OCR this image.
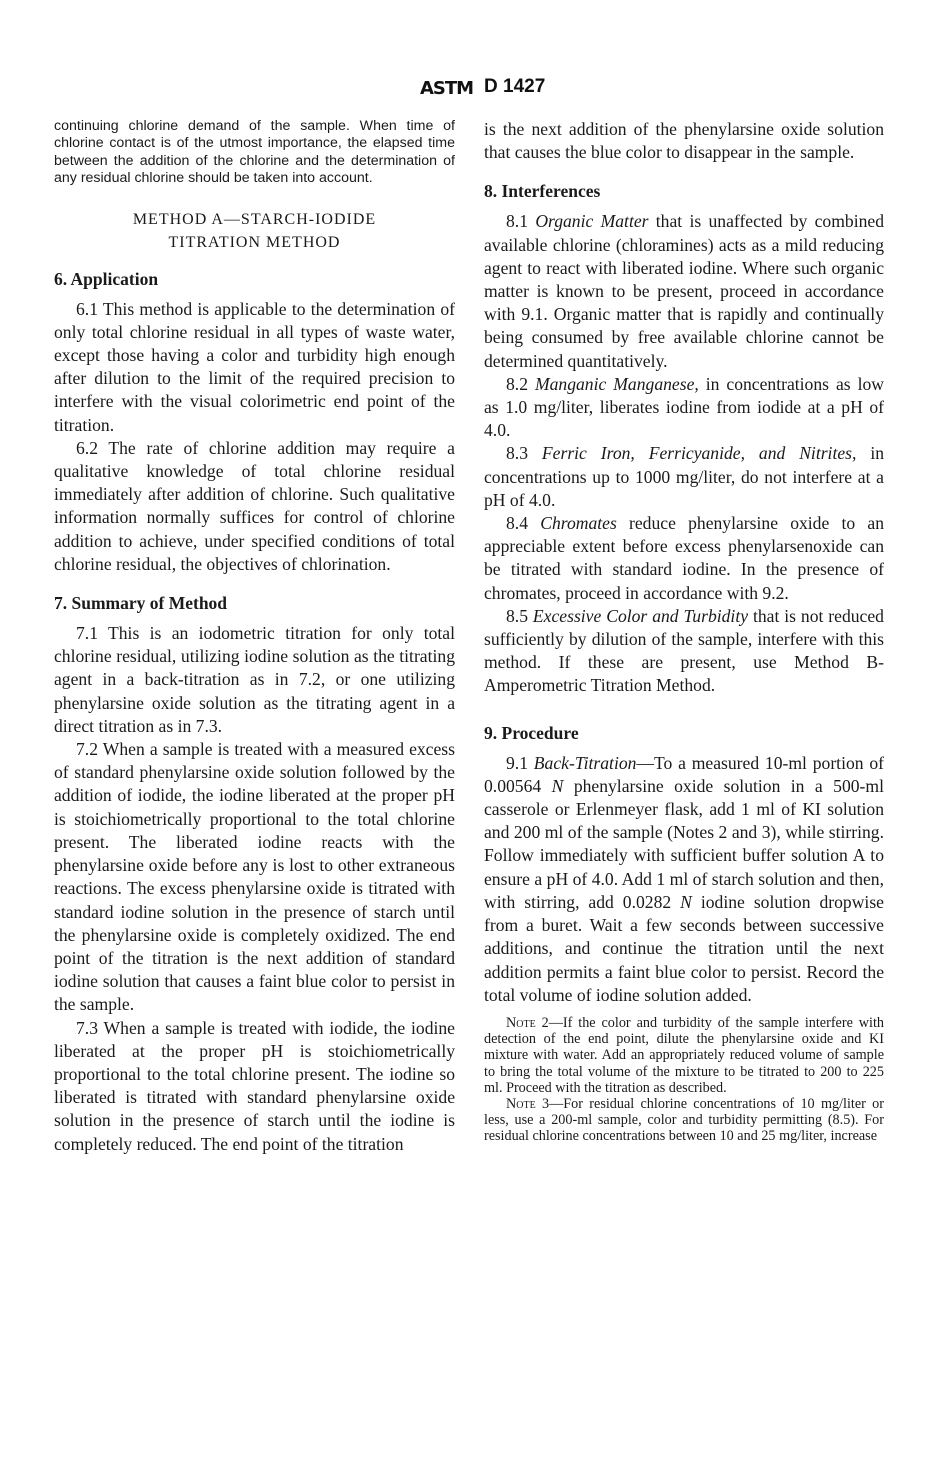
ASTM D 1427

continuing chlorine demand of the sample. When time of chlorine contact is of the utmost importance, the elapsed time between the addition of the chlorine and the determination of any residual chlorine should be taken into account.

METHOD A—STARCH-IODIDE
TITRATION METHOD
6. Application

6.1 This method is applicable to the determination of only total chlorine residual in all types of waste water, except those having a color and turbidity high enough after dilution to the limit of the required precision to interfere with the visual colorimetric end point of the titration.

6.2 The rate of chlorine addition may require a qualitative knowledge of total chlorine residual immediately after addition of chlorine. Such qualitative information normally suffices for control of chlorine addition to achieve, under specified conditions of total chlorine residual, the objectives of chlorination.

7. Summary of Method

7.1 This is an iodometric titration for only total chlorine residual, utilizing iodine solution as the titrating agent in a back-titration as in 7.2, or one utilizing phenylarsine oxide solution as the titrating agent in a direct titration as in 7.3.

7.2 When a sample is treated with a measured excess of standard phenylarsine oxide solution followed by the addition of iodide, the iodine liberated at the proper pH is stoichiometrically proportional to the total chlorine present. The liberated iodine reacts with the phenylarsine oxide before any is lost to other extraneous reactions. The excess phenylarsine oxide is titrated with standard iodine solution in the presence of starch until the phenylarsine oxide is completely oxidized. The end point of the titration is the next addition of standard iodine solution that causes a faint blue color to persist in the sample.

7.3 When a sample is treated with iodide, the iodine liberated at the proper pH is stoichiometrically proportional to the total chlorine present. The iodine so liberated is titrated with standard phenylarsine oxide solution in the presence of starch until the iodine is completely reduced. The end point of the titration

is the next addition of the phenylarsine oxide solution that causes the blue color to disappear in the sample.

8. Interferences

8.1 Organic Matter that is unaffected by combined available chlorine (chloramines) acts as a mild reducing agent to react with liberated iodine. Where such organic matter is known to be present, proceed in accordance with 9.1. Organic matter that is rapidly and continually being consumed by free available chlorine cannot be determined quantitatively.

8.2 Manganic Manganese, in concentrations as low as 1.0 mg/liter, liberates iodine from iodide at a pH of 4.0.

8.3 Ferric Iron, Ferricyanide, and Nitrites, in concentrations up to 1000 mg/liter, do not interfere at a pH of 4.0.

8.4 Chromates reduce phenylarsine oxide to an appreciable extent before excess phenylarsenoxide can be titrated with standard iodine. In the presence of chromates, proceed in accordance with 9.2.

8.5 Excessive Color and Turbidity that is not reduced sufficiently by dilution of the sample, interfere with this method. If these are present, use Method B-Amperometric Titration Method.

9. Procedure

9.1 Back-Titration—To a measured 10-ml portion of 0.00564 N phenylarsine oxide solution in a 500-ml casserole or Erlenmeyer flask, add 1 ml of KI solution and 200 ml of the sample (Notes 2 and 3), while stirring. Follow immediately with sufficient buffer solution A to ensure a pH of 4.0. Add 1 ml of starch solution and then, with stirring, add 0.0282 N iodine solution dropwise from a buret. Wait a few seconds between successive additions, and continue the titration until the next addition permits a faint blue color to persist. Record the total volume of iodine solution added.

Note 2—If the color and turbidity of the sample interfere with detection of the end point, dilute the phenylarsine oxide and KI mixture with water. Add an appropriately reduced volume of sample to bring the total volume of the mixture to be titrated to 200 to 225 ml. Proceed with the titration as described.

Note 3—For residual chlorine concentrations of 10 mg/liter or less, use a 200-ml sample, color and turbidity permitting (8.5). For residual chlorine concentrations between 10 and 25 mg/liter, increase
